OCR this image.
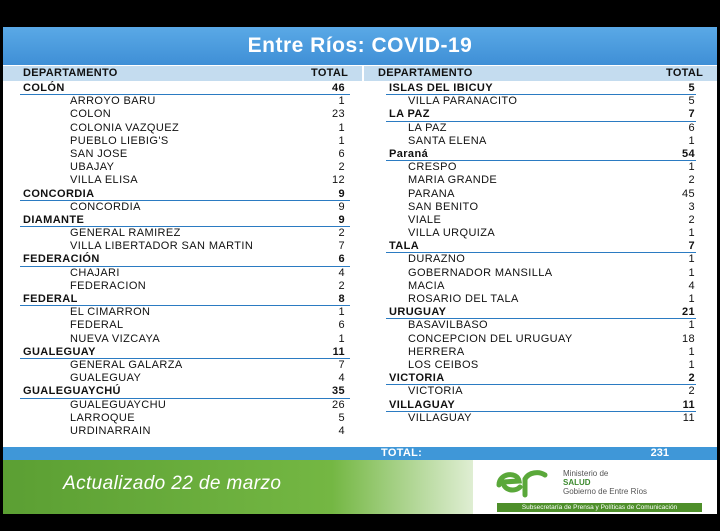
Entre Ríos: COVID-19
DEPARTAMENTO	TOTAL	DEPARTAMENTO	TOTAL
COLÓN	46
ARROYO BARU	1
COLON	23
COLONIA VAZQUEZ	1
PUEBLO LIEBIG'S	1
SAN JOSE	6
UBAJAY	2
VILLA ELISA	12
CONCORDIA	9
CONCORDIA	9
DIAMANTE	9
GENERAL RAMIREZ	2
VILLA LIBERTADOR SAN MARTIN	7
FEDERACIÓN	6
CHAJARI	4
FEDERACION	2
FEDERAL	8
EL CIMARRON	1
FEDERAL	6
NUEVA VIZCAYA	1
GUALEGUAY	11
GENERAL GALARZA	7
GUALEGUAY	4
GUALEGUAYCHÚ	35
GUALEGUAYCHU	26
LARROQUE	5
URDINARRAIN	4
ISLAS DEL IBICUY	5
VILLA PARANACITO	5
LA PAZ	7
LA PAZ	6
SANTA ELENA	1
Paraná	54
CRESPO	1
MARIA GRANDE	2
PARANA	45
SAN BENITO	3
VIALE	2
VILLA URQUIZA	1
TALA	7
DURAZNO	1
GOBERNADOR MANSILLA	1
MACIA	4
ROSARIO DEL TALA	1
URUGUAY	21
BASAVILBASO	1
CONCEPCION DEL URUGUAY	18
HERRERA	1
LOS CEIBOS	1
VICTORIA	2
VICTORIA	2
VILLAGUAY	11
VILLAGUAY	11
TOTAL:	231
Actualizado 22 de marzo	Ministerio de
SALUD
Gobierno de Entre Ríos
Subsecretaría de Prensa y Políticas de Comunicación
